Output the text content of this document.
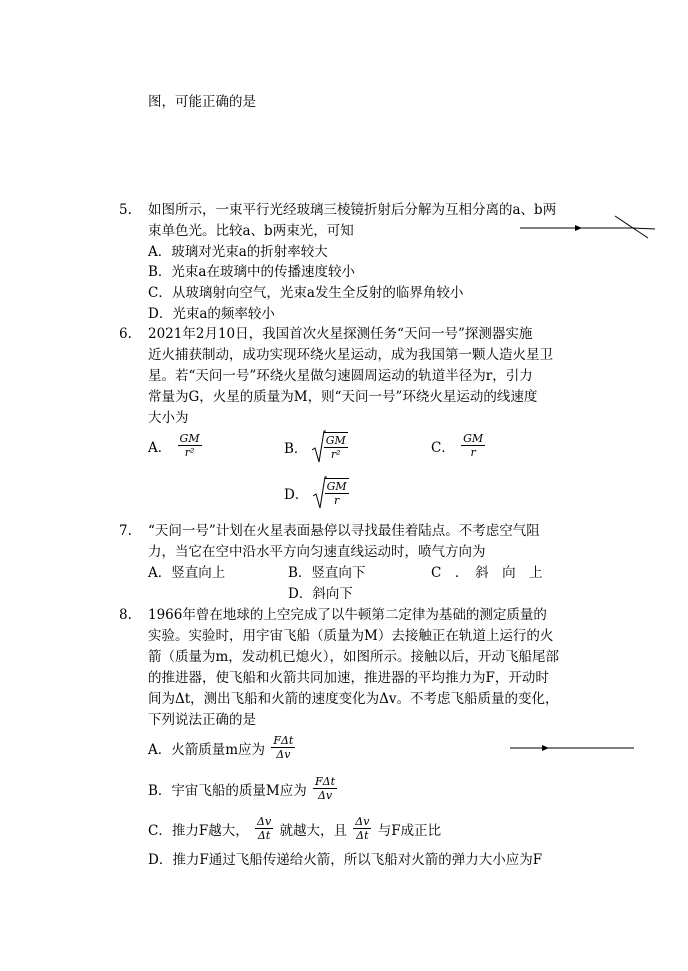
图，可能正确的是
5. 如图所示，一束平行光经玻璃三棱镜折射后分解为互相分离的a、b两
束单色光。比较a、b两束光，可知
A．玻璃对光束a的折射率较大
B．光束a在玻璃中的传播速度较小
C．从玻璃射向空气，光束a发生全反射的临界角较小
D．光束a的频率较小
6. 2021年2月10日，我国首次火星探测任务“天问一号”探测器实施
近火捕获制动，成功实现环绕火星运动，成为我国第一颗人造火星卫
星。若“天问一号”环绕火星做匀速圆周运动的轨道半径为r，引力
常量为G，火星的质量为M，则“天问一号”环绕火星运动的线速度
大小为
A． $\frac{GM}{\text{r²}}$	B． $\frac{GM}{\text{r²}}$	C． $\frac{GM}{r}$
D． $\frac{GM}{r}$
7. “天问一号”计划在火星表面悬停以寻找最佳着陆点。不考虑空气阻
力，当它在空中沿水平方向匀速直线运动时，喷气方向为
A．竖直向上	B．竖直向下	C　．　斜　向　上
D．斜向下
8. 1966年曾在地球的上空完成了以牛顿第二定律为基础的测定质量的
实验。实验时，用宇宙飞船（质量为M）去接触正在轨道上运行的火
箭（质量为m，发动机已熄火），如图所示。接触以后，开动飞船尾部
的推进器，使飞船和火箭共同加速，推进器的平均推力为F，开动时
间为Δt，测出飞船和火箭的速度变化为Δv。不考虑飞船质量的变化，
下列说法正确的是
A．火箭质量m应为 $\frac{\text{FΔt}}{\Delta v}$
B．宇宙飞船的质量M应为 $\frac{\text{FΔt}}{\Delta v}$
C．推力F越大， $\frac{\Delta v}{\Delta t}$ 就越大，且 $\frac{\Delta v}{\Delta t}$ 与F成正比
D．推力F通过飞船传递给火箭，所以飞船对火箭的弹力大小应为F
